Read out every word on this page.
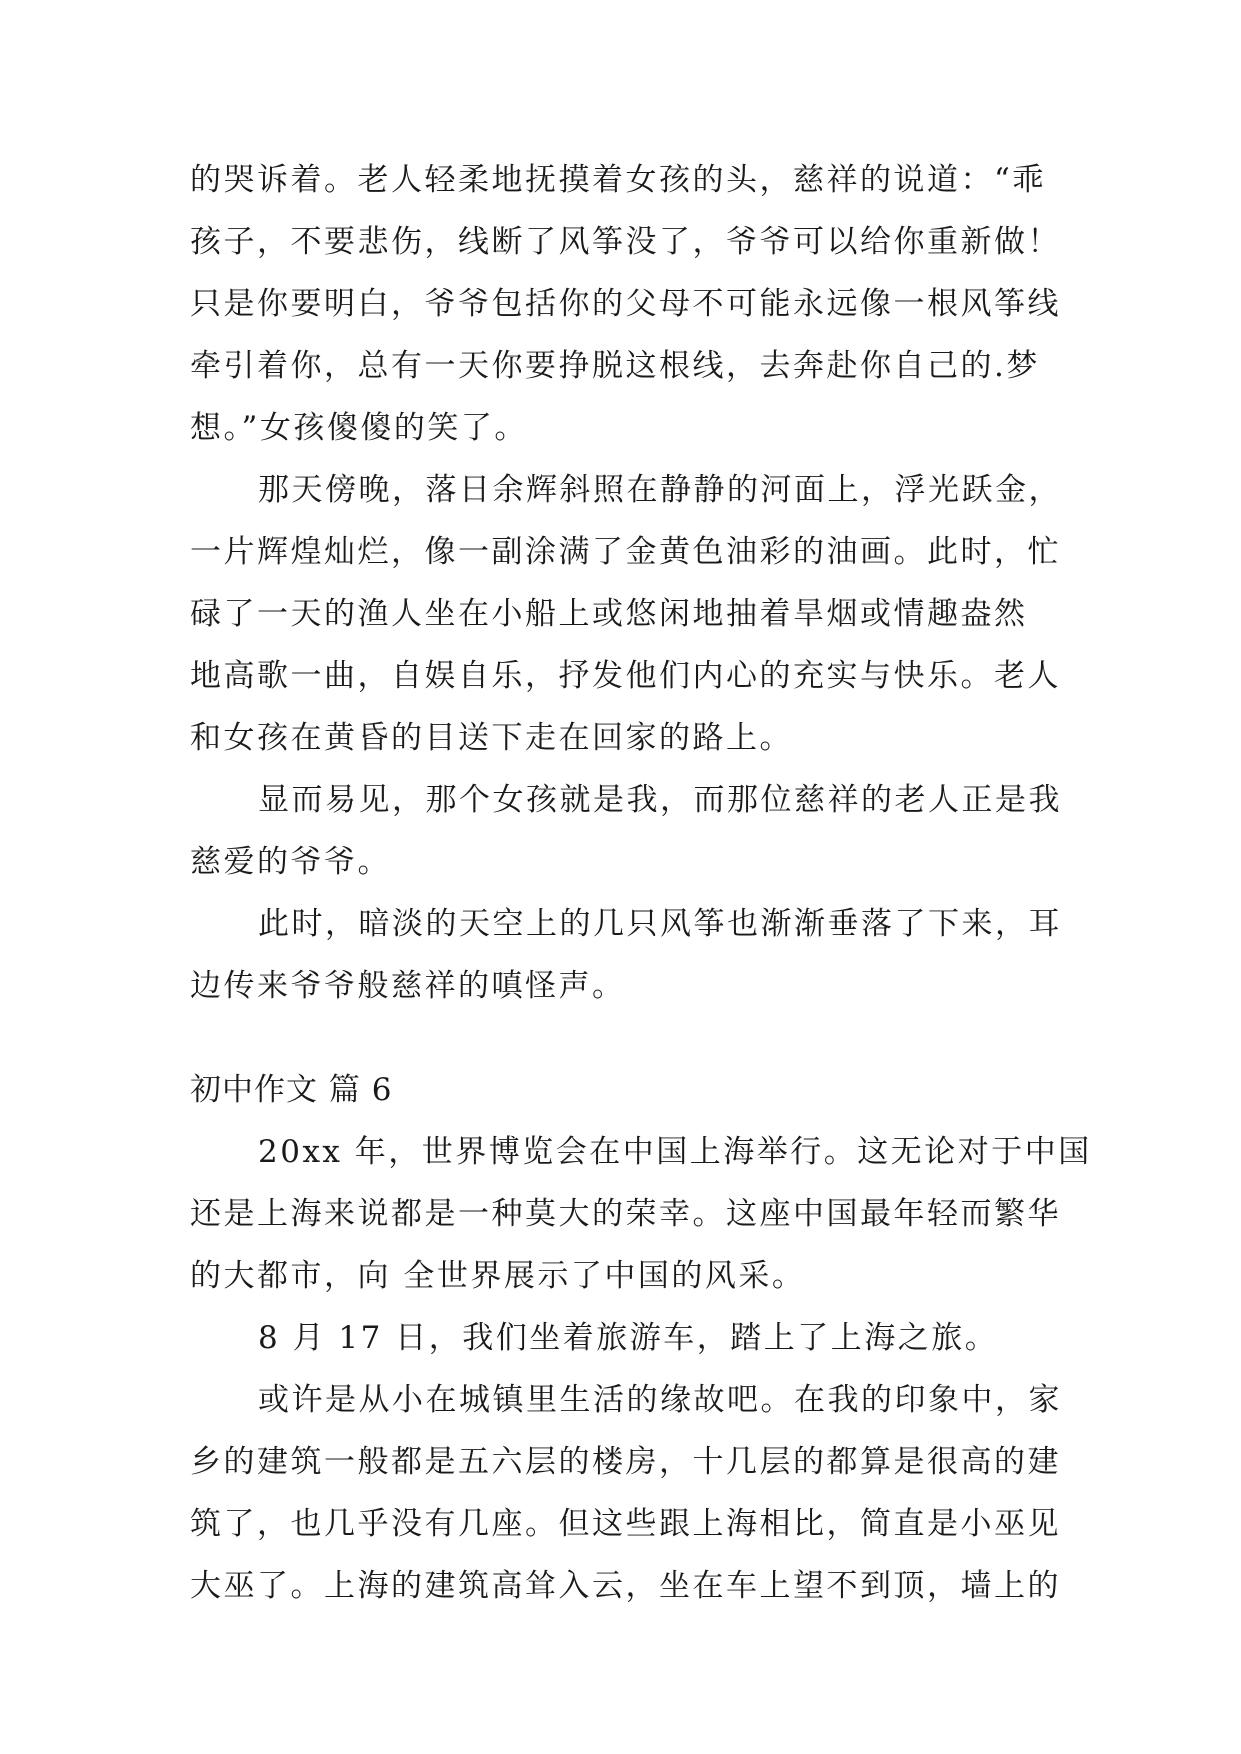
的哭诉着。老人轻柔地抚摸着女孩的头，慈祥的说道：“乖
孩子，不要悲伤，线断了风筝没了，爷爷可以给你重新做！
只是你要明白，爷爷包括你的父母不可能永远像一根风筝线
牵引着你，总有一天你要挣脱这根线，去奔赴你自己的.梦
想。”女孩傻傻的笑了。
那天傍晚，落日余辉斜照在静静的河面上，浮光跃金，
一片辉煌灿烂，像一副涂满了金黄色油彩的油画。此时，忙
碌了一天的渔人坐在小船上或悠闲地抽着旱烟或情趣盎然
地高歌一曲，自娱自乐，抒发他们内心的充实与快乐。老人
和女孩在黄昏的目送下走在回家的路上。
显而易见，那个女孩就是我，而那位慈祥的老人正是我
慈爱的爷爷。
此时，暗淡的天空上的几只风筝也渐渐垂落了下来，耳
边传来爷爷般慈祥的嗔怪声。
初中作文 篇 6
20xx 年，世界博览会在中国上海举行。这无论对于中国
还是上海来说都是一种莫大的荣幸。这座中国最年轻而繁华
的大都市，向 全世界展示了中国的风采。
8 月 17 日，我们坐着旅游车，踏上了上海之旅。
或许是从小在城镇里生活的缘故吧。在我的印象中，家
乡的建筑一般都是五六层的楼房，十几层的都算是很高的建
筑了，也几乎没有几座。但这些跟上海相比，简直是小巫见
大巫了。上海的建筑高耸入云，坐在车上望不到顶，墙上的
